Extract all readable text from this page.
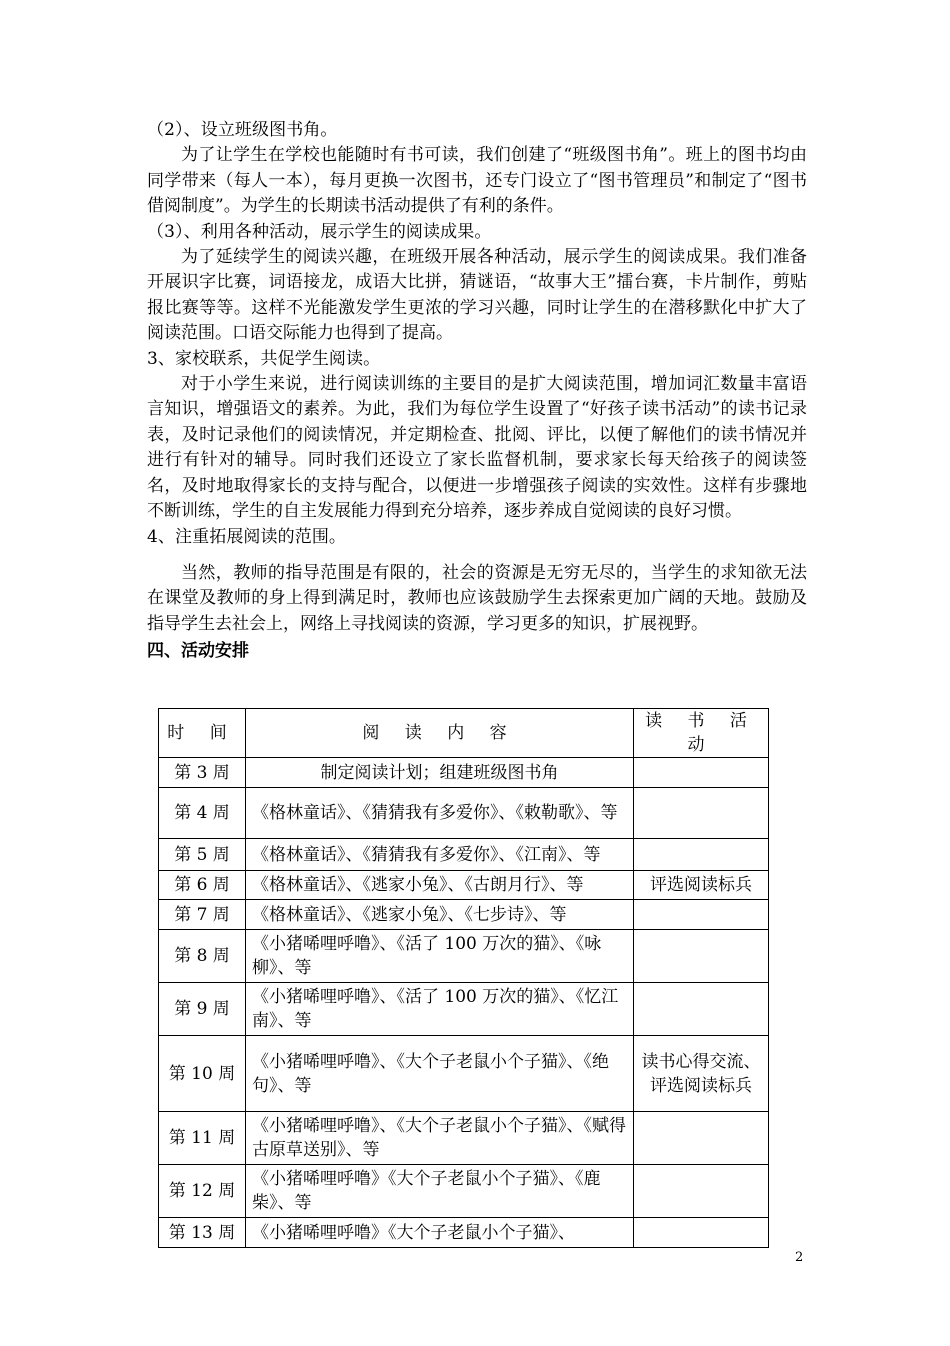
（2）、设立班级图书角。

为了让学生在学校也能随时有书可读，我们创建了“班级图书角”。班上的图书均由同学带来（每人一本），每月更换一次图书，还专门设立了“图书管理员”和制定了“图书借阅制度”。为学生的长期读书活动提供了有利的条件。

（3）、利用各种活动，展示学生的阅读成果。

为了延续学生的阅读兴趣，在班级开展各种活动，展示学生的阅读成果。我们准备开展识字比赛，词语接龙，成语大比拼，猜谜语，“故事大王”擂台赛，卡片制作，剪贴报比赛等等。这样不光能激发学生更浓的学习兴趣，同时让学生的在潜移默化中扩大了阅读范围。口语交际能力也得到了提高。

3、家校联系，共促学生阅读。

对于小学生来说，进行阅读训练的主要目的是扩大阅读范围，增加词汇数量丰富语言知识，增强语文的素养。为此，我们为每位学生设置了“好孩子读书活动”的读书记录表，及时记录他们的阅读情况，并定期检查、批阅、评比，以便了解他们的读书情况并进行有针对的辅导。同时我们还设立了家长监督机制，要求家长每天给孩子的阅读签名，及时地取得家长的支持与配合，以便进一步增强孩子阅读的实效性。这样有步骤地不断训练，学生的自主发展能力得到充分培养，逐步养成自觉阅读的良好习惯。

4、注重拓展阅读的范围。

当然，教师的指导范围是有限的，社会的资源是无穷无尽的，当学生的求知欲无法在课堂及教师的身上得到满足时，教师也应该鼓励学生去探索更加广阔的天地。鼓励及指导学生去社会上，网络上寻找阅读的资源，学习更多的知识，扩展视野。

四、活动安排
时 间	阅 读 内 容	读 书 活 动
第 3 周	制定阅读计划；组建班级图书角	
第 4 周	《格林童话》、《猜猜我有多爱你》、《敕勒歌》、等	
第 5 周	《格林童话》、《猜猜我有多爱你》、《江南》、等	
第 6 周	《格林童话》、《逃家小兔》、《古朗月行》、等	评选阅读标兵
第 7 周	《格林童话》、《逃家小兔》、《七步诗》、等	
第 8 周	《小猪唏哩呼噜》、《活了 100 万次的猫》、《咏柳》、等	
第 9 周	《小猪唏哩呼噜》、《活了 100 万次的猫》、《忆江南》、等	
第 10 周	《小猪唏哩呼噜》、《大个子老鼠小个子猫》、《绝句》、等	读书心得交流、评选阅读标兵
第 11 周	《小猪唏哩呼噜》、《大个子老鼠小个子猫》、《赋得古原草送别》、等	
第 12 周	《小猪唏哩呼噜》《大个子老鼠小个子猫》、《鹿柴》、等	
第 13 周	《小猪唏哩呼噜》《大个子老鼠小个子猫》、	
2
